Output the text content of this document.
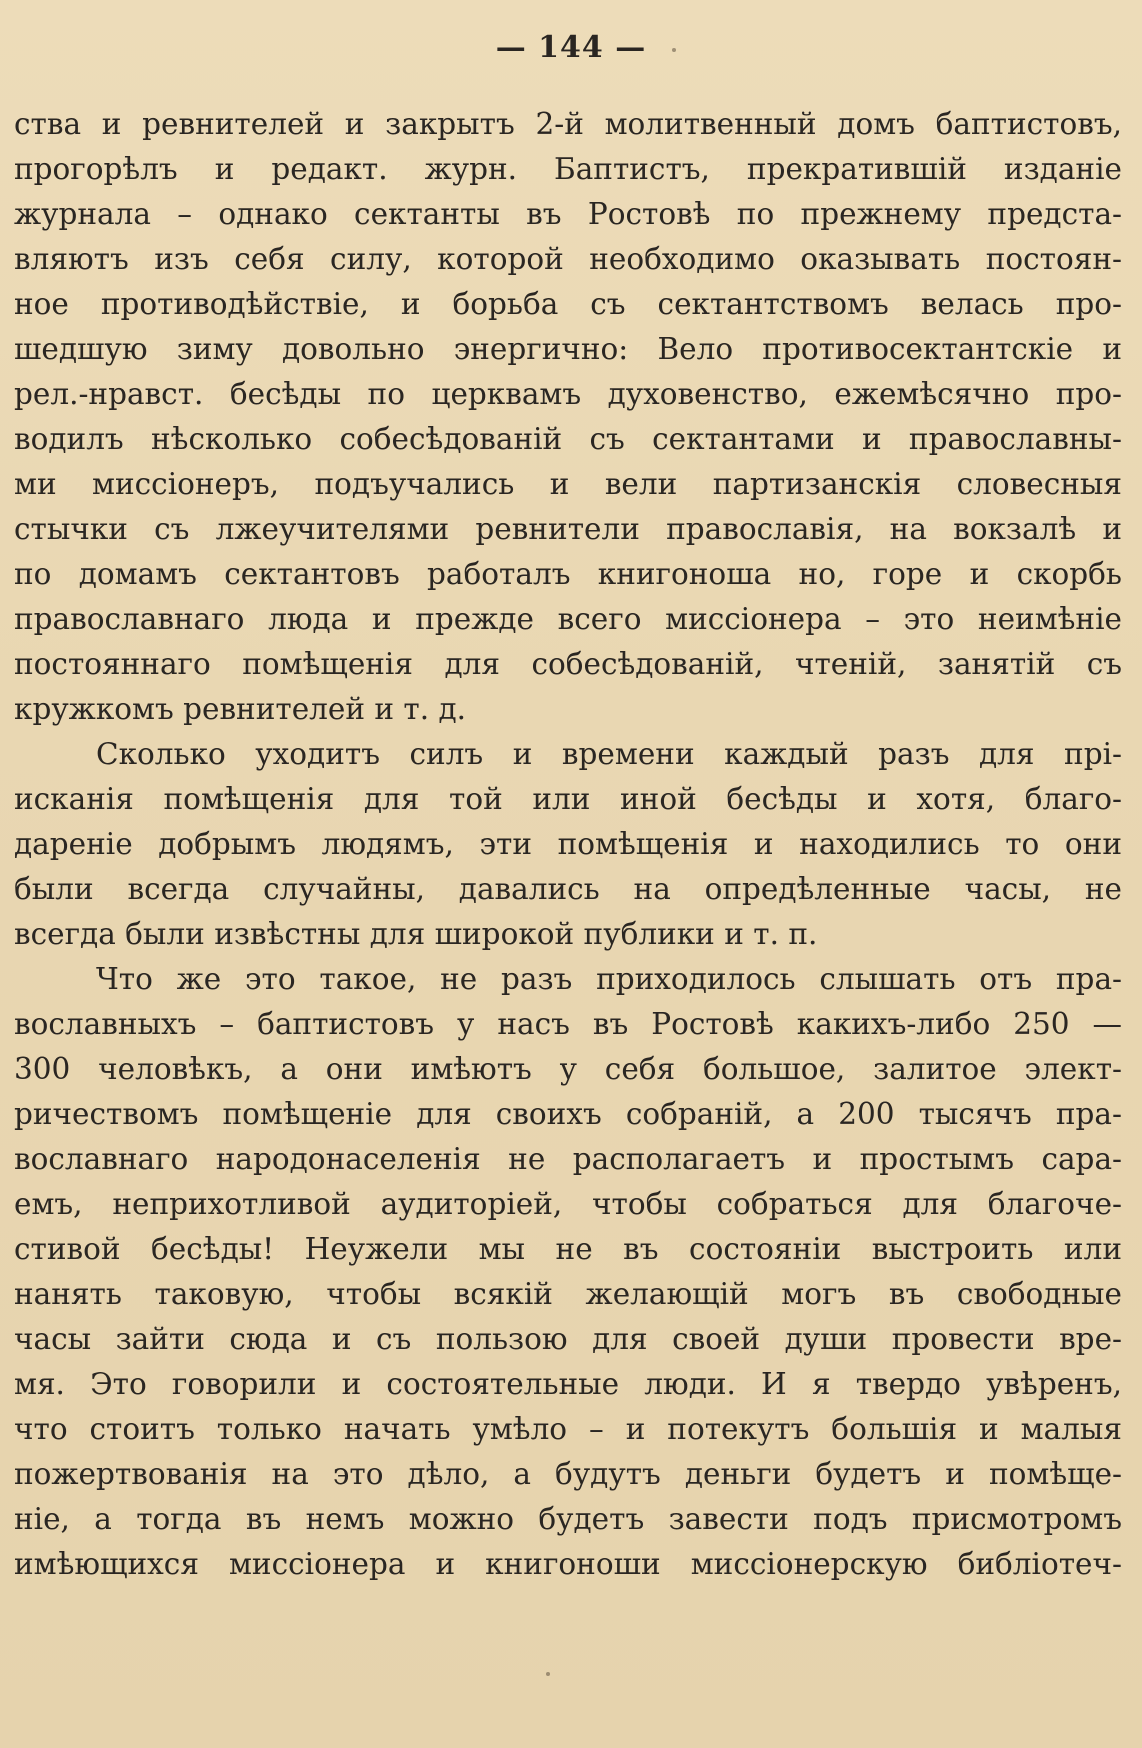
— 144 —
ства и ревнителей и закрытъ 2-й молитвенный домъ баптистовъ,
прогорѣлъ и редакт. журн. Баптистъ, прекратившій изданіе
журнала – однако сектанты въ Ростовѣ по прежнему предста-
вляютъ изъ себя силу, которой необходимо оказывать постоян-
ное противодѣйствіе, и борьба съ сектантствомъ велась про-
шедшую зиму довольно энергично: Вело противосектантскіе и
рел.-нравст. бесѣды по церквамъ духовенство, ежемѣсячно про-
водилъ нѣсколько собесѣдованій съ сектантами и православны-
ми миссіонеръ, подъучались и вели партизанскія словесныя
стычки съ лжеучителями ревнители православія, на вокзалѣ и
по домамъ сектантовъ работалъ книгоноша но, горе и скорбь
православнаго люда и прежде всего миссіонера – это неимѣніе
постояннаго помѣщенія для собесѣдованій, чтеній, занятій съ
кружкомъ ревнителей и т. д.
Сколько уходитъ силъ и времени каждый разъ для прі-
исканія помѣщенія для той или иной бесѣды и хотя, благо-
дареніе добрымъ людямъ, эти помѣщенія и находились то они
были всегда случайны, давались на опредѣленные часы, не
всегда были извѣстны для широкой публики и т. п.
Что же это такое, не разъ приходилось слышать отъ пра-
вославныхъ – баптистовъ у насъ въ Ростовѣ какихъ-либо 250 —
300 человѣкъ, а они имѣютъ у себя большое, залитое элект-
ричествомъ помѣщеніе для своихъ собраній, а 200 тысячъ пра-
вославнаго народонаселенія не располагаетъ и простымъ сара-
емъ, неприхотливой аудиторіей, чтобы собраться для благоче-
стивой бесѣды! Неужели мы не въ состояніи выстроить или
нанять таковую, чтобы всякій желающій могъ въ свободные
часы зайти сюда и съ пользою для своей души провести вре-
мя. Это говорили и состоятельные люди. И я твердо увѣренъ,
что стоитъ только начать умѣло – и потекутъ большія и малыя
пожертвованія на это дѣло, а будутъ деньги будетъ и помѣще-
ніе, а тогда въ немъ можно будетъ завести подъ присмотромъ
имѣющихся миссіонера и книгоноши миссіонерскую библіотеч-
